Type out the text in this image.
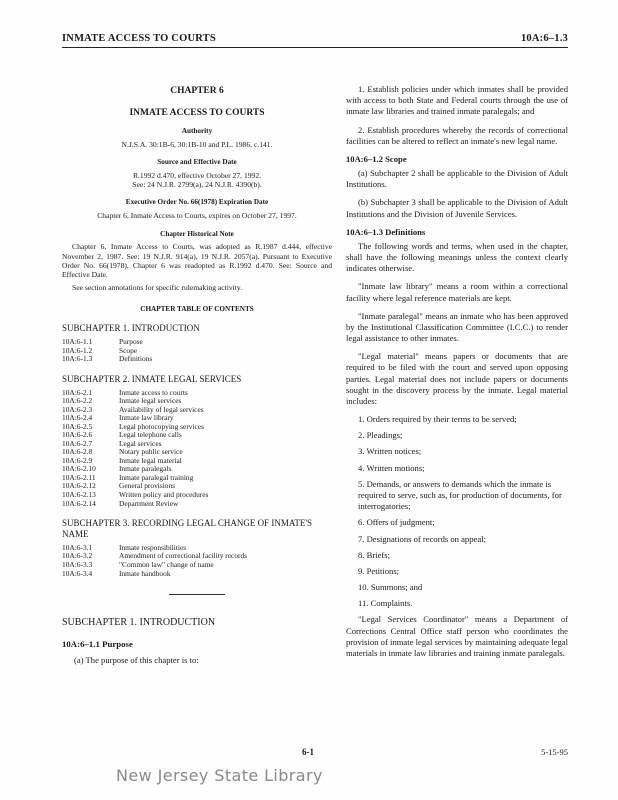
INMATE ACCESS TO COURTS	10A:6–1.3
CHAPTER 6
INMATE ACCESS TO COURTS
Authority
N.J.S.A. 30:1B-6, 30:1B-10 and P.L. 1986, c.141.
Source and Effective Date
R.1992 d.470, effective October 27, 1992.
See: 24 N.J.R. 2799(a), 24 N.J.R. 4390(b).
Executive Order No. 66(1978) Expiration Date
Chapter 6, Inmate Access to Courts, expires on October 27, 1997.
Chapter Historical Note
Chapter 6, Inmate Access to Courts, was adopted as R.1987 d.444, effective November 2, 1987. See: 19 N.J.R. 914(a), 19 N.J.R. 2057(a). Pursuant to Executive Order No. 66(1978), Chapter 6 was readopted as R.1992 d.470. See: Source and Effective Date.
See section annotations for specific rulemaking activity.
CHAPTER TABLE OF CONTENTS
SUBCHAPTER 1. INTRODUCTION
10A:6-1.1	Purpose
10A:6-1.2	Scope
10A:6-1.3	Definitions
SUBCHAPTER 2. INMATE LEGAL SERVICES
10A:6-2.1	Inmate access to courts
10A:6-2.2	Inmate legal services
10A:6-2.3	Availability of legal services
10A:6-2.4	Inmate law library
10A:6-2.5	Legal photocopying services
10A:6-2.6	Legal telephone calls
10A:6-2.7	Legal services
10A:6-2.8	Notary public service
10A:6-2.9	Inmate legal material
10A:6-2.10	Inmate paralegals
10A:6-2.11	Inmate paralegal training
10A:6-2.12	General provisions
10A:6-2.13	Written policy and procedures
10A:6-2.14	Department Review
SUBCHAPTER 3. RECORDING LEGAL CHANGE OF INMATE'S NAME
10A:6-3.1	Inmate responsibilities
10A:6-3.2	Amendment of correctional facility records
10A:6-3.3	"Common law" change of name
10A:6-3.4	Inmate handbook
SUBCHAPTER 1. INTRODUCTION
10A:6–1.1 Purpose
(a) The purpose of this chapter is to:
1. Establish policies under which inmates shall be provided with access to both State and Federal courts through the use of inmate law libraries and trained inmate paralegals; and
2. Establish procedures whereby the records of correctional facilities can be altered to reflect an inmate's new legal name.
10A:6–1.2 Scope
(a) Subchapter 2 shall be applicable to the Division of Adult Institutions.
(b) Subchapter 3 shall be applicable to the Division of Adult Institutions and the Division of Juvenile Services.
10A:6–1.3 Definitions
The following words and terms, when used in the chapter, shall have the following meanings unless the context clearly indicates otherwise.
"Inmate law library" means a room within a correctional facility where legal reference materials are kept.
"Inmate paralegal" means an inmate who has been approved by the Institutional Classification Committee (I.C.C.) to render legal assistance to other inmates.
"Legal material" means papers or documents that are required to be filed with the court and served upon opposing parties. Legal material does not include papers or documents sought in the discovery process by the inmate. Legal material includes:
1. Orders required by their terms to be served;
2. Pleadings;
3. Written notices;
4. Written motions;
5. Demands, or answers to demands which the inmate is required to serve, such as, for production of documents, for interrogatories;
6. Offers of judgment;
7. Designations of records on appeal;
8. Briefs;
9. Petitions;
10. Summons; and
11. Complaints.
"Legal Services Coordinator" means a Department of Corrections Central Office staff person who coordinates the provision of inmate legal services by maintaining adequate legal materials in inmate law libraries and training inmate paralegals.
6-1	5-15-95
New Jersey State Library
